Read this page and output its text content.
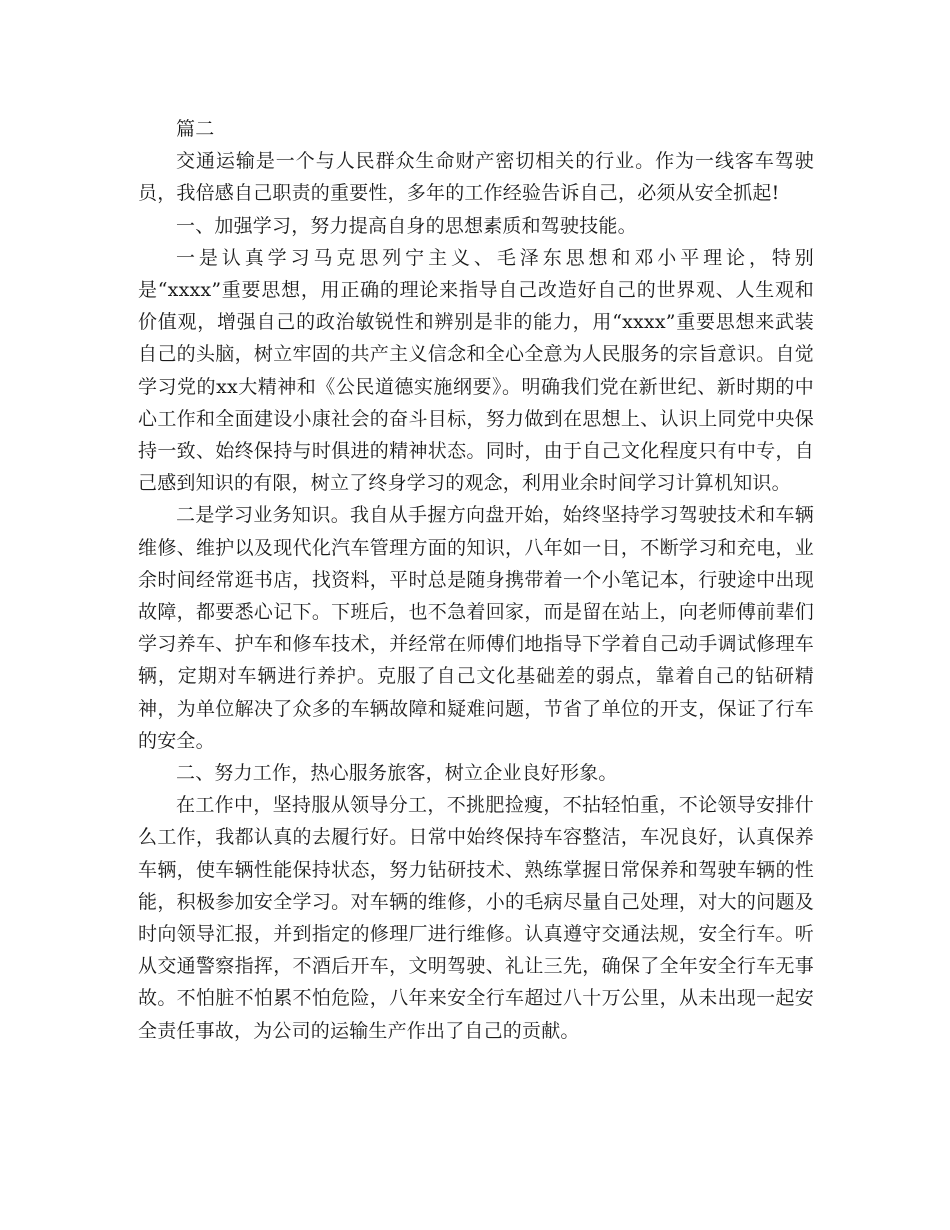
篇二

交通运输是一个与人民群众生命财产密切相关的行业。作为一线客车驾驶员，我倍感自己职责的重要性，多年的工作经验告诉自己，必须从安全抓起!

一、加强学习，努力提高自身的思想素质和驾驶技能。

一是认真学习马克思列宁主义、毛泽东思想和邓小平理论，特别是“xxxx”重要思想，用正确的理论来指导自己改造好自己的世界观、人生观和价值观，增强自己的政治敏锐性和辨别是非的能力，用“xxxx”重要思想来武装自己的头脑，树立牢固的共产主义信念和全心全意为人民服务的宗旨意识。自觉学习党的xx大精神和《公民道德实施纲要》。明确我们党在新世纪、新时期的中心工作和全面建设小康社会的奋斗目标，努力做到在思想上、认识上同党中央保持一致、始终保持与时俱进的精神状态。同时，由于自己文化程度只有中专，自己感到知识的有限，树立了终身学习的观念，利用业余时间学习计算机知识。

二是学习业务知识。我自从手握方向盘开始，始终坚持学习驾驶技术和车辆维修、维护以及现代化汽车管理方面的知识，八年如一日，不断学习和充电，业余时间经常逛书店，找资料，平时总是随身携带着一个小笔记本，行驶途中出现故障，都要悉心记下。下班后，也不急着回家，而是留在站上，向老师傅前辈们学习养车、护车和修车技术，并经常在师傅们地指导下学着自己动手调试修理车辆，定期对车辆进行养护。克服了自己文化基础差的弱点，靠着自己的钻研精神，为单位解决了众多的车辆故障和疑难问题，节省了单位的开支，保证了行车的安全。

二、努力工作，热心服务旅客，树立企业良好形象。

在工作中，坚持服从领导分工，不挑肥捡瘦，不拈轻怕重，不论领导安排什么工作，我都认真的去履行好。日常中始终保持车容整洁，车况良好，认真保养车辆，使车辆性能保持状态，努力钻研技术、熟练掌握日常保养和驾驶车辆的性能，积极参加安全学习。对车辆的维修，小的毛病尽量自己处理，对大的问题及时向领导汇报，并到指定的修理厂进行维修。认真遵守交通法规，安全行车。听从交通警察指挥，不酒后开车，文明驾驶、礼让三先，确保了全年安全行车无事故。不怕脏不怕累不怕危险，八年来安全行车超过八十万公里，从未出现一起安全责任事故，为公司的运输生产作出了自己的贡献。
